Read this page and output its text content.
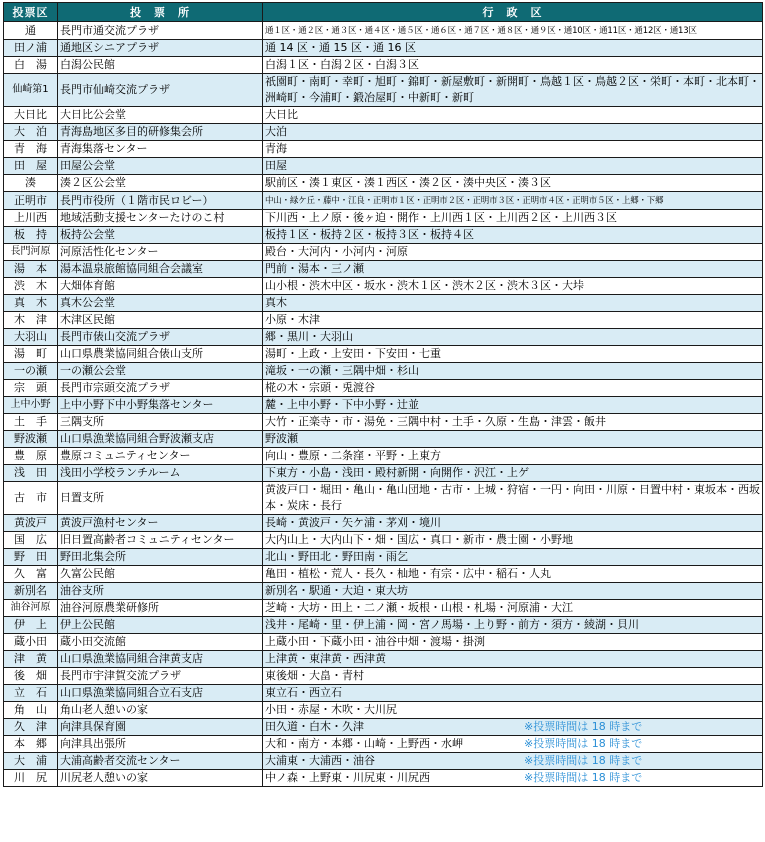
投票区	投　票　所	行　政　区
通	長門市通交流プラザ	通１区・通２区・通３区・通４区・通５区・通６区・通７区・通８区・通９区・通10区・通11区・通12区・通13区
田ノ浦	通地区シニアプラザ	通 14 区・通 15 区・通 16 区
白　湯	白潟公民館	白潟１区・白潟２区・白潟３区
仙崎第1	長門市仙崎交流プラザ	祇園町・南町・幸町・旭町・錦町・新屋敷町・新開町・鳥越１区・鳥越２区・栄町・本町・北本町・洲崎町・今浦町・鍛冶屋町・中新町・新町

大日比	大日比公会堂	大日比
大　泊	青海島地区多目的研修集会所	大泊
青　海	青海集落センター	青海
田　屋	田屋公会堂	田屋
湊	湊２区公会堂	駅前区・湊１東区・湊１西区・湊２区・湊中央区・湊３区
正明市	長門市役所（１階市民ロビー）	中山・緑ケ丘・藤中・江良・正明市１区・正明市２区・正明市３区・正明市４区・正明市５区・上郷・下郷
上川西	地域活動支援センターたけのこ村	下川西・上ノ原・後ヶ迫・開作・上川西１区・上川西２区・上川西３区
板　持	板持公会堂	板持１区・板持２区・板持３区・板持４区
長門河原	河原活性化センター	殿台・大河内・小河内・河原
湯　本	湯本温泉旅館協同組合会議室	門前・湯本・三ノ瀬
渋　木	大畑体育館	山小根・渋木中区・坂水・渋木１区・渋木２区・渋木３区・大垰
真　木	真木公会堂	真木
木　津	木津区民館	小原・木津
大羽山	長門市俵山交流プラザ	郷・黒川・大羽山
湯　町	山口県農業協同組合俵山支所	湯町・上政・上安田・下安田・七重
一の瀬	一の瀬公会堂	滝坂・一の瀬・三隅中畑・杉山
宗　頭	長門市宗頭交流プラザ	椛の木・宗頭・兎渡谷
上中小野	上中小野下中小野集落センター	麓・上中小野・下中小野・辻並
土　手	三隅支所	大竹・正楽寺・市・湯免・三隅中村・土手・久原・生島・津雲・飯井
野波瀬	山口県漁業協同組合野波瀬支店	野波瀬
豊　原	豊原コミュニティセンター	向山・豊原・二条窪・平野・上東方
浅　田	浅田小学校ランチルーム	下東方・小島・浅田・殿村新開・向開作・沢江・上ゲ
古　市	日置支所	黄波戸口・堀田・亀山・亀山団地・古市・上城・狩宿・一円・向田・川原・日置中村・東坂本・西坂本・炭床・長行

黄波戸	黄波戸漁村センター	長崎・黄波戸・矢ケ浦・茅刈・境川
国　広	旧日置高齢者コミュニティセンター	大内山上・大内山下・畑・国広・真口・新市・農士園・小野地
野　田	野田北集会所	北山・野田北・野田南・雨乞
久　富	久富公民館	亀田・植松・荒人・長久・杣地・有宗・広中・稲石・人丸
新別名	油谷支所	新別名・駅通・大迫・東大坊
油谷河原	油谷河原農業研修所	芝崎・大坊・田上・二ノ瀬・坂根・山根・札場・河原浦・大江
伊　上	伊上公民館	浅井・尾崎・里・伊上浦・岡・宮ノ馬場・上り野・前方・須方・綾湖・貝川
蔵小田	蔵小田交流館	上蔵小田・下蔵小田・油谷中畑・渡場・掛渕
津　黄	山口県漁業協同組合津黄支店	上津黄・東津黄・西津黄
後　畑	長門市宇津賀交流プラザ	東後畑・大畠・青村
立　石	山口県漁業協同組合立石支店	東立石・西立石
角　山	角山老人憩いの家	小田・赤屋・木吹・大川尻
久　津	向津具保育園	田久道・白木・久津 ※投票時間は 18 時まで

本　郷	向津具出張所	大和・南方・本郷・山崎・上野西・水岬 ※投票時間は 18 時まで

大　浦	大浦高齢者交流センター	大浦東・大浦西・油谷 ※投票時間は 18 時まで

川　尻	川尻老人憩いの家	中ノ森・上野東・川尻東・川尻西 ※投票時間は 18 時まで
